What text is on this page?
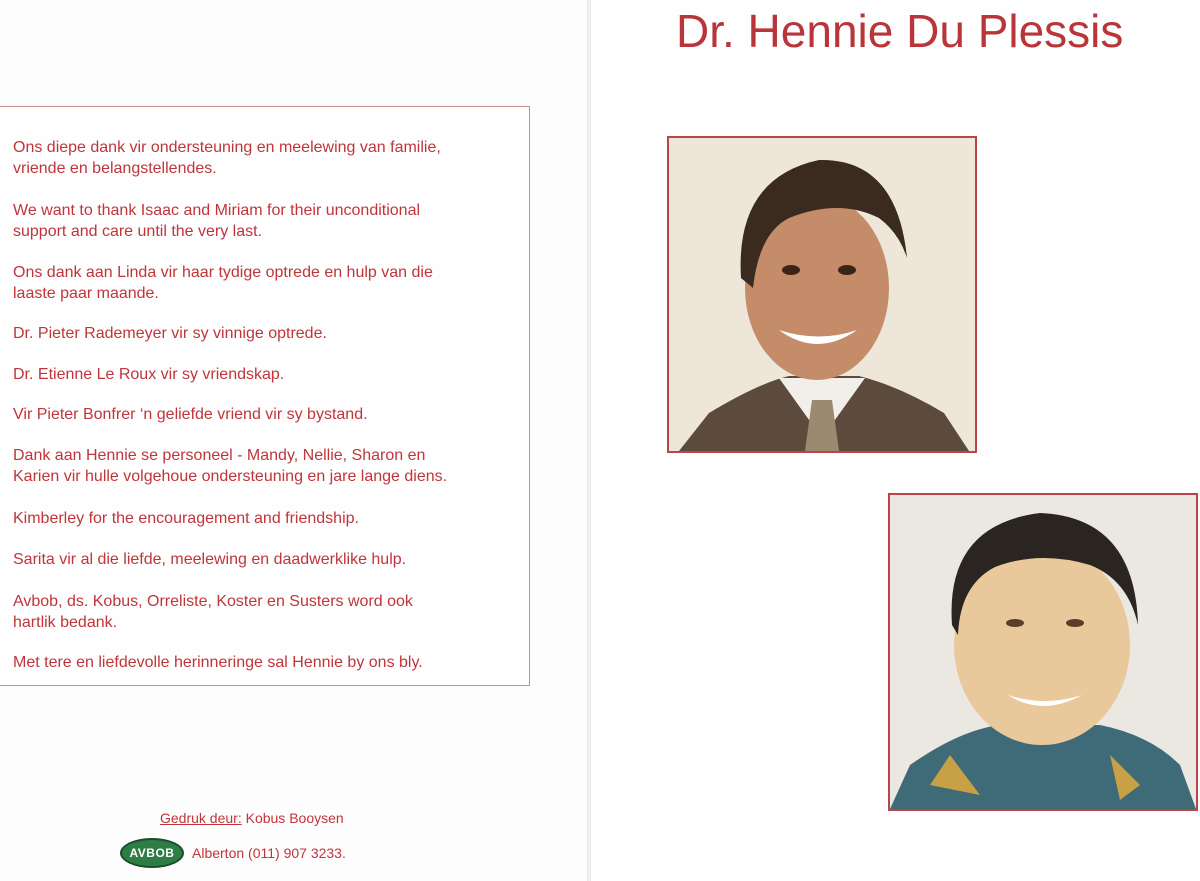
Ons diepe dank vir ondersteuning en meelewing van familie,
vriende en belangstellendes.
We want to thank Isaac and Miriam for their unconditional
support and care until the very last.
Ons dank aan Linda vir haar tydige optrede en hulp van die
laaste paar maande.
Dr. Pieter Rademeyer vir sy vinnige optrede.
Dr. Etienne Le Roux vir sy vriendskap.
Vir Pieter Bonfrer ‘n geliefde vriend vir sy bystand.
Dank aan Hennie se personeel - Mandy, Nellie, Sharon en
Karien vir hulle volgehoue ondersteuning en jare lange diens.
Kimberley for the encouragement and friendship.
Sarita vir al die liefde, meelewing en daadwerklike hulp.
Avbob, ds. Kobus, Orreliste, Koster en Susters word ook
hartlik bedank.
Met tere en liefdevolle herinneringe sal Hennie by ons bly.
Gedruk deur: Kobus Booysen
AVBOB Alberton (011) 907 3233.
Dr. Hennie Du Plessis
